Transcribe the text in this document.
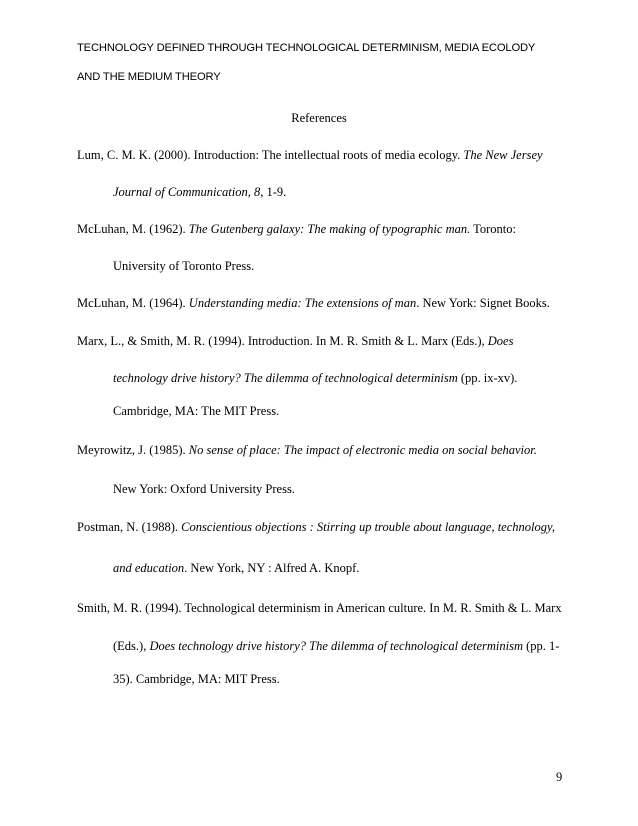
TECHNOLOGY DEFINED THROUGH TECHNOLOGICAL DETERMINISM, MEDIA ECOLODY
AND THE MEDIUM THEORY
References
Lum, C. M. K. (2000). Introduction: The intellectual roots of media ecology. The New Jersey
Journal of Communication, 8, 1-9.
McLuhan, M. (1962). The Gutenberg galaxy: The making of typographic man. Toronto:
University of Toronto Press.
McLuhan, M. (1964). Understanding media: The extensions of man. New York: Signet Books.
Marx, L., & Smith, M. R. (1994). Introduction. In M. R. Smith & L. Marx (Eds.), Does
technology drive history? The dilemma of technological determinism (pp. ix-xv).
Cambridge, MA: The MIT Press.
Meyrowitz, J. (1985). No sense of place: The impact of electronic media on social behavior.
New York: Oxford University Press.
Postman, N. (1988). Conscientious objections : Stirring up trouble about language, technology,
and education. New York, NY : Alfred A. Knopf.
Smith, M. R. (1994). Technological determinism in American culture. In M. R. Smith & L. Marx
(Eds.), Does technology drive history? The dilemma of technological determinism (pp. 1-
35). Cambridge, MA: MIT Press.
9
